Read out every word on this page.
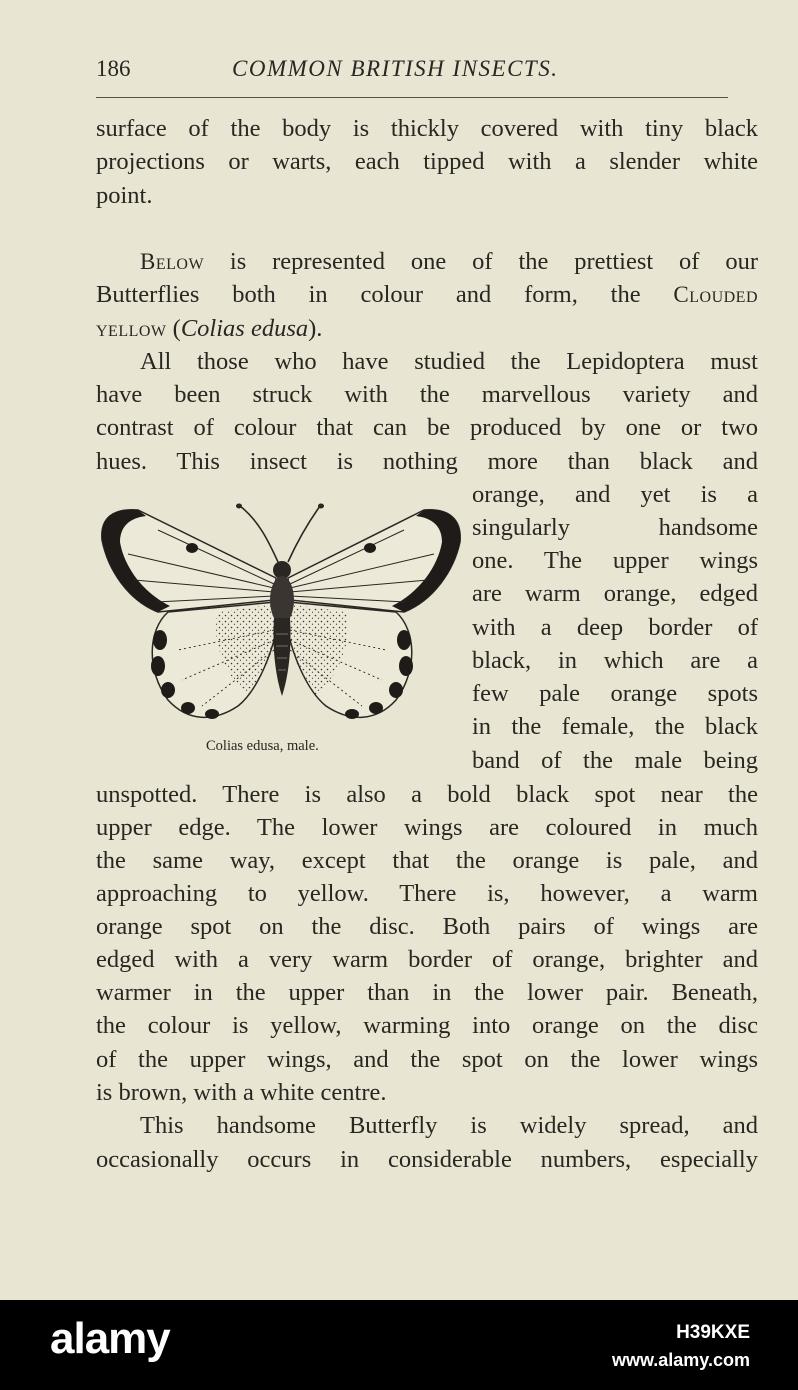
186	COMMON BRITISH INSECTS.
surface of the body is thickly covered with tiny black
projections or warts, each tipped with a slender white
point.
Below is represented one of the prettiest of our
Butterflies both in colour and form, the Clouded
yellow (Colias edusa).
All those who have studied the Lepidoptera must
have been struck with the marvellous variety and
contrast of colour that can be produced by one or two
hues. This insect is nothing more than black and
orange, and yet is a
singularly handsome
one. The upper wings
are warm orange, edged
with a deep border of
black, in which are a
few pale orange spots
in the female, the black
band of the male being
unspotted. There is also a bold black spot near the
upper edge. The lower wings are coloured in much
the same way, except that the orange is pale, and
approaching to yellow. There is, however, a warm
orange spot on the disc. Both pairs of wings are
edged with a very warm border of orange, brighter and
warmer in the upper than in the lower pair. Beneath,
the colour is yellow, warming into orange on the disc
of the upper wings, and the spot on the lower wings
is brown, with a white centre.
This handsome Butterfly is widely spread, and
occasionally occurs in considerable numbers, especially
Colias edusa, male.
alamy	H39KXE
www.alamy.com
